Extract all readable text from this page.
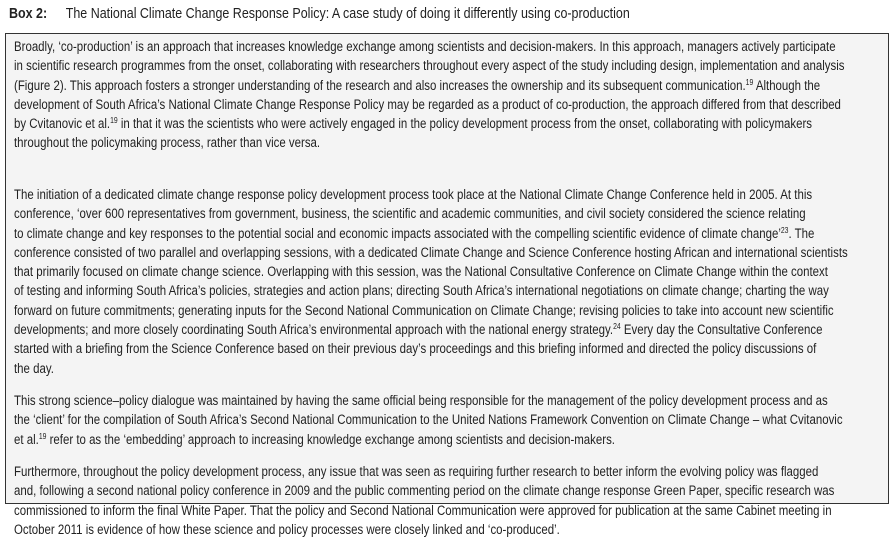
Box 2:	The National Climate Change Response Policy: A case study of doing it differently using co-production
Broadly, ‘co-production’ is an approach that increases knowledge exchange among scientists and decision-makers. In this approach, managers actively participate
in scientific research programmes from the onset, collaborating with researchers throughout every aspect of the study including design, implementation and analysis
(Figure 2). This approach fosters a stronger understanding of the research and also increases the ownership and its subsequent communication.$^{19}$ Although the
development of South Africa’s National Climate Change Response Policy may be regarded as a product of co-production, the approach differed from that described
by Cvitanovic et al.$^{19}$ in that it was the scientists who were actively engaged in the policy development process from the onset, collaborating with policymakers
throughout the policymaking process, rather than vice versa.
The initiation of a dedicated climate change response policy development process took place at the National Climate Change Conference held in 2005. At this
conference, ‘over 600 representatives from government, business, the scientific and academic communities, and civil society considered the science relating
to climate change and key responses to the potential social and economic impacts associated with the compelling scientific evidence of climate change’$^{23}$. The
conference consisted of two parallel and overlapping sessions, with a dedicated Climate Change and Science Conference hosting African and international scientists
that primarily focused on climate change science. Overlapping with this session, was the National Consultative Conference on Climate Change within the context
of testing and informing South Africa’s policies, strategies and action plans; directing South Africa’s international negotiations on climate change; charting the way
forward on future commitments; generating inputs for the Second National Communication on Climate Change; revising policies to take into account new scientific
developments; and more closely coordinating South Africa’s environmental approach with the national energy strategy.$^{24}$ Every day the Consultative Conference
started with a briefing from the Science Conference based on their previous day’s proceedings and this briefing informed and directed the policy discussions of
the day.
This strong science–policy dialogue was maintained by having the same official being responsible for the management of the policy development process and as
the ‘client’ for the compilation of South Africa’s Second National Communication to the United Nations Framework Convention on Climate Change – what Cvitanovic
et al.$^{19}$ refer to as the ‘embedding’ approach to increasing knowledge exchange among scientists and decision-makers.
Furthermore, throughout the policy development process, any issue that was seen as requiring further research to better inform the evolving policy was flagged
and, following a second national policy conference in 2009 and the public commenting period on the climate change response Green Paper, specific research was
commissioned to inform the final White Paper. That the policy and Second National Communication were approved for publication at the same Cabinet meeting in
October 2011 is evidence of how these science and policy processes were closely linked and ‘co-produced’.
